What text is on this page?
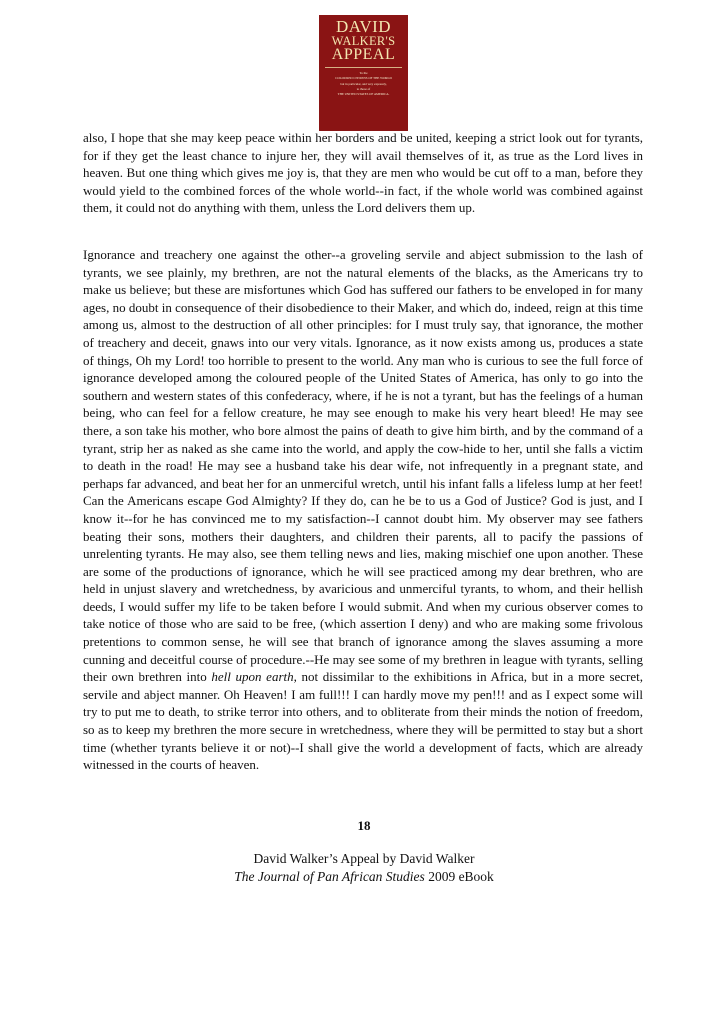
DAVID
WALKER'S
APPEAL
To the
COLOURED CITIZENS OF THE WORLD
but in particular, and very expressly,
to those of
THE UNITED STATES OF AMERICA.
also, I hope that she may keep peace within her borders and be united, keeping a strict look out for tyrants, for if they get the least chance to injure her, they will avail themselves of it, as true as the Lord lives in heaven. But one thing which gives me joy is, that they are men who would be cut off to a man, before they would yield to the combined forces of the whole world--in fact, if the whole world was combined against them, it could not do anything with them, unless the Lord delivers them up.
Ignorance and treachery one against the other--a groveling servile and abject submission to the lash of tyrants, we see plainly, my brethren, are not the natural elements of the blacks, as the Americans try to make us believe; but these are misfortunes which God has suffered our fathers to be enveloped in for many ages, no doubt in consequence of their disobedience to their Maker, and which do, indeed, reign at this time among us, almost to the destruction of all other principles: for I must truly say, that ignorance, the mother of treachery and deceit, gnaws into our very vitals. Ignorance, as it now exists among us, produces a state of things, Oh my Lord! too horrible to present to the world. Any man who is curious to see the full force of ignorance developed among the coloured people of the United States of America, has only to go into the southern and western states of this confederacy, where, if he is not a tyrant, but has the feelings of a human being, who can feel for a fellow creature, he may see enough to make his very heart bleed! He may see there, a son take his mother, who bore almost the pains of death to give him birth, and by the command of a tyrant, strip her as naked as she came into the world, and apply the cow-hide to her, until she falls a victim to death in the road! He may see a husband take his dear wife, not infrequently in a pregnant state, and perhaps far advanced, and beat her for an unmerciful wretch, until his infant falls a lifeless lump at her feet! Can the Americans escape God Almighty? If they do, can he be to us a God of Justice? God is just, and I know it--for he has convinced me to my satisfaction--I cannot doubt him. My observer may see fathers beating their sons, mothers their daughters, and children their parents, all to pacify the passions of unrelenting tyrants. He may also, see them telling news and lies, making mischief one upon another. These are some of the productions of ignorance, which he will see practiced among my dear brethren, who are held in unjust slavery and wretchedness, by avaricious and unmerciful tyrants, to whom, and their hellish deeds, I would suffer my life to be taken before I would submit. And when my curious observer comes to take notice of those who are said to be free, (which assertion I deny) and who are making some frivolous pretentions to common sense, he will see that branch of ignorance among the slaves assuming a more cunning and deceitful course of procedure.--He may see some of my brethren in league with tyrants, selling their own brethren into hell upon earth, not dissimilar to the exhibitions in Africa, but in a more secret, servile and abject manner. Oh Heaven! I am full!!! I can hardly move my pen!!! and as I expect some will try to put me to death, to strike terror into others, and to obliterate from their minds the notion of freedom, so as to keep my brethren the more secure in wretchedness, where they will be permitted to stay but a short time (whether tyrants believe it or not)--I shall give the world a development of facts, which are already witnessed in the courts of heaven.
18
David Walker’s Appeal by David Walker
The Journal of Pan African Studies 2009 eBook
